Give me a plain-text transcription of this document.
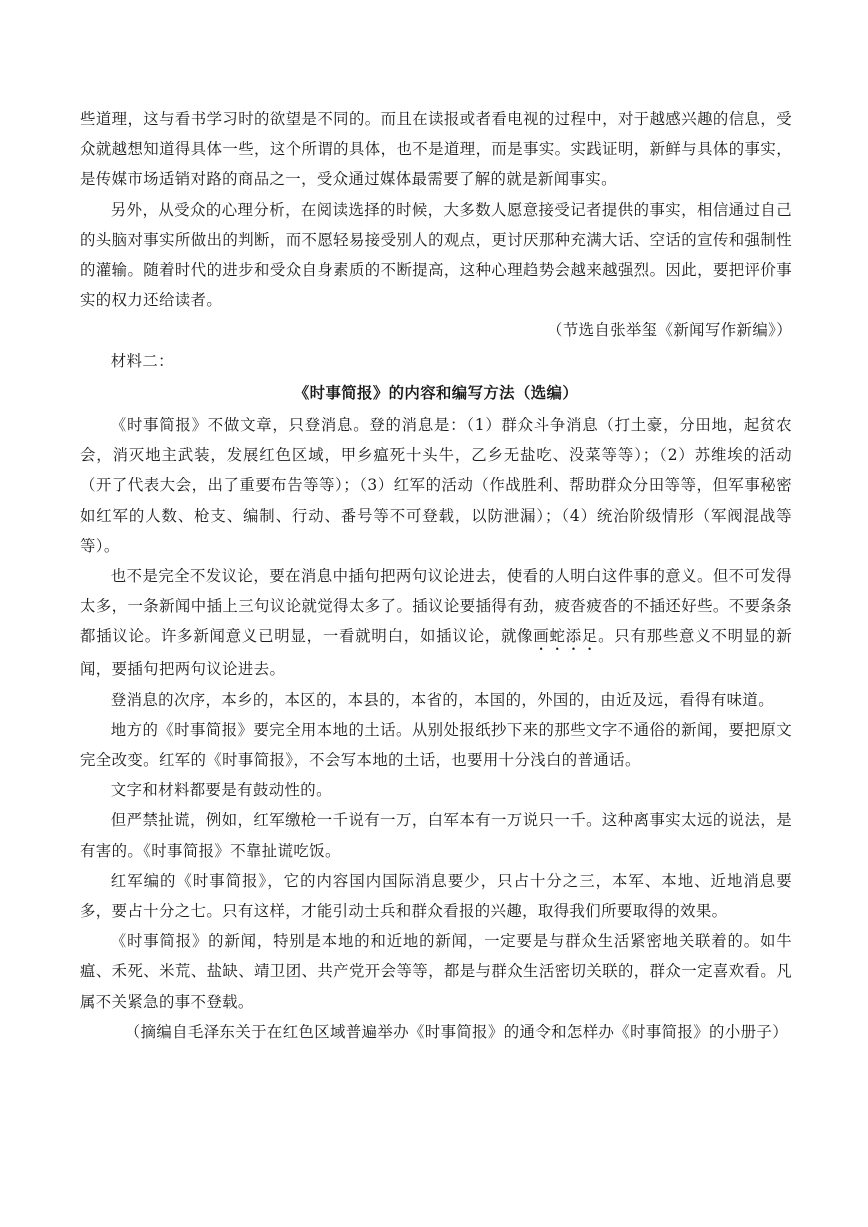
些道理，这与看书学习时的欲望是不同的。而且在读报或者看电视的过程中，对于越感兴趣的信息，受众就越想知道得具体一些，这个所谓的具体，也不是道理，而是事实。实践证明，新鲜与具体的事实，是传媒市场适销对路的商品之一，受众通过媒体最需要了解的就是新闻事实。

另外，从受众的心理分析，在阅读选择的时候，大多数人愿意接受记者提供的事实，相信通过自己的头脑对事实所做出的判断，而不愿轻易接受别人的观点，更讨厌那种充满大话、空话的宣传和强制性的灌输。随着时代的进步和受众自身素质的不断提高，这种心理趋势会越来越强烈。因此，要把评价事实的权力还给读者。

（节选自张举玺《新闻写作新编》）

材料二：

《时事简报》的内容和编写方法（选编）

《时事简报》不做文章，只登消息。登的消息是：（1）群众斗争消息（打土豪，分田地，起贫农会，消灭地主武装，发展红色区域，甲乡瘟死十头牛，乙乡无盐吃、没菜等等）；（2）苏维埃的活动（开了代表大会，出了重要布告等等）；（3）红军的活动（作战胜利、帮助群众分田等等，但军事秘密如红军的人数、枪支、编制、行动、番号等不可登载，以防泄漏）；（4）统治阶级情形（军阀混战等等）。

也不是完全不发议论，要在消息中插句把两句议论进去，使看的人明白这件事的意义。但不可发得太多，一条新闻中插上三句议论就觉得太多了。插议论要插得有劲，疲沓疲沓的不插还好些。不要条条都插议论。许多新闻意义已明显，一看就明白，如插议论，就像画蛇添足。只有那些意义不明显的新闻，要插句把两句议论进去。

登消息的次序，本乡的，本区的，本县的，本省的，本国的，外国的，由近及远，看得有味道。

地方的《时事简报》要完全用本地的土话。从别处报纸抄下来的那些文字不通俗的新闻，要把原文完全改变。红军的《时事简报》，不会写本地的土话，也要用十分浅白的普通话。

文字和材料都要是有鼓动性的。

但严禁扯谎，例如，红军缴枪一千说有一万，白军本有一万说只一千。这种离事实太远的说法，是有害的。《时事简报》不靠扯谎吃饭。

红军编的《时事简报》，它的内容国内国际消息要少，只占十分之三，本军、本地、近地消息要多，要占十分之七。只有这样，才能引动士兵和群众看报的兴趣，取得我们所要取得的效果。

《时事简报》的新闻，特别是本地的和近地的新闻，一定要是与群众生活紧密地关联着的。如牛瘟、禾死、米荒、盐缺、靖卫团、共产党开会等等，都是与群众生活密切关联的，群众一定喜欢看。凡属不关紧急的事不登载。

（摘编自毛泽东关于在红色区域普遍举办《时事简报》的通令和怎样办《时事简报》的小册子）
